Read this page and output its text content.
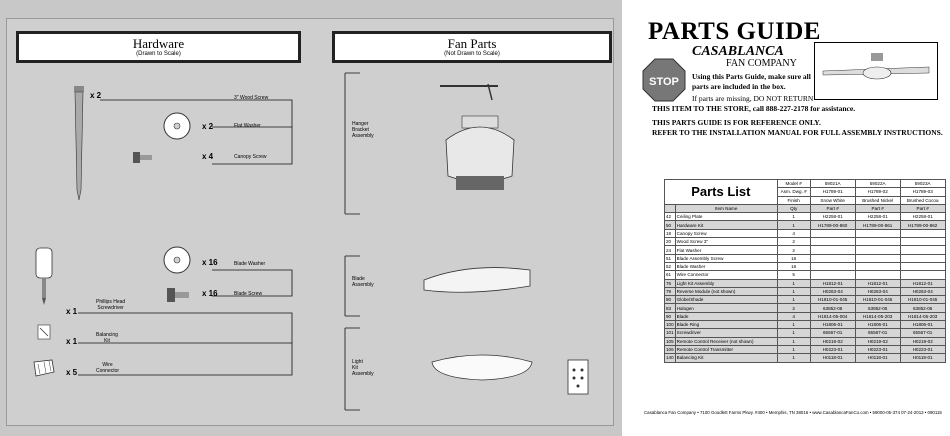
Hardware
(Drawn to Scale)
Fan Parts
(Not Drawn to Scale)
x 2	3" Wood Screw
x 2	Flat Washer
x 4	Canopy Screw
x 16	Blade Washer
x 16	Blade Screw
x 1
Phillips Head
Screwdriver
x 1
Balancing
Kit
x 5
Wire
Connector
Hanger
Bracket
Assembly
Blade
Assembly
Light
Kit
Assembly
PARTS GUIDE
CASABLANCA
FAN COMPANY
STOP Using this Parts Guide, make sure all
parts are included in the box.
If parts are missing, DO NOT RETURN
THIS ITEM TO THE STORE, call 888-227-2178 for assistance.
THIS PARTS GUIDE IS FOR REFERENCE ONLY.
REFER TO THE INSTALLATION MANUAL FOR FULL ASSEMBLY INSTRUCTIONS.
Parts List		Model #	59021A	59022A	59023A
		Asm. Dwg. #	H1789-01	H1789-02	H1789-03
		Finish	Snow White	Brushed Nickel	Brushed Cocoa
	Item Name	Qty	Part #	Part #	Part #
42	Ceiling Plate	1	H2258-01	H2258-01	H2258-01
50	Hardware Kit	1	H1789-00-860	H1789-00-861	H1789-00-862
18	Canopy Screw	4			
20	Wood Screw 3"	2			
24	Flat Washer	2			
51	Blade Assembly Screw	16			
52	Blade Washer	16			
61	Wire Connector	5			
76	Light Kit Assembly	1	H1812-01	H1812-01	H1812-01
79	Reverse Module (not shown)	1	H0263-04	H0263-04	H0263-04
80	Globe/Shade	1	H1810-01-045	H1810-01-045	H1810-01-045
83	Halogen	2	63852-05	63852-05	63852-05
90	Blade	4	H1814-05-004	H1814-05-203	H1814-05-203
100	Blade Ring	1	H1806-01	H1806-01	H1806-01
101	Screwdriver	1	65567-01	65567-01	65567-01
105	Remote Control Receiver (not shown)	1	H0219-02	H0219-02	H0219-02
106	Remote Control Transmitter	1	H0223-01	H0223-01	H0223-01
140	Balancing Kit	1	H0118-01	H0118-01	H0118-01
Casablanca Fan Company • 7100 Goodlett Farms Pkwy. #400 • Memphis, TN 38016 • www.CasablancaFanCo.com • 59000-05-374 07-24-2013 • 090115
